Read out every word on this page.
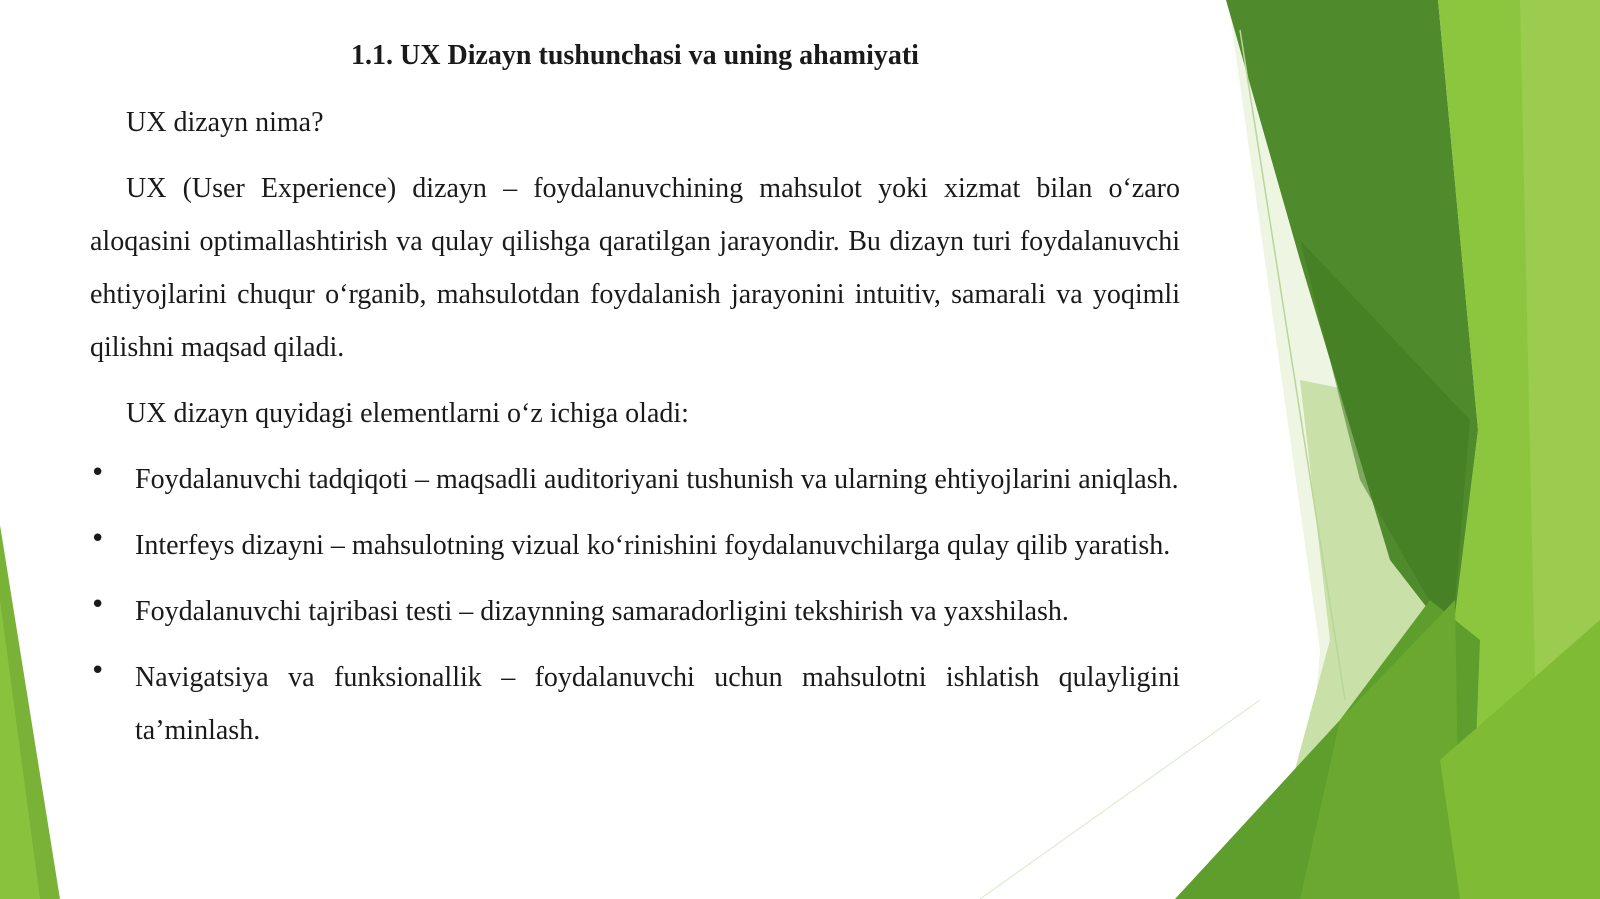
1.1. UX Dizayn tushunchasi va uning ahamiyati

UX dizayn nima?

UX (User Experience) dizayn – foydalanuvchining mahsulot yoki xizmat bilan o‘zaro aloqasini optimallashtirish va qulay qilishga qaratilgan jarayondir. Bu dizayn turi foydalanuvchi ehtiyojlarini chuqur o‘rganib, mahsulotdan foydalanish jarayonini intuitiv, samarali va yoqimli qilishni maqsad qiladi.

UX dizayn quyidagi elementlarni o‘z ichiga oladi:

• Foydalanuvchi tadqiqoti – maqsadli auditoriyani tushunish va ularning ehtiyojlarini aniqlash.
• Interfeys dizayni – mahsulotning vizual ko‘rinishini foydalanuvchilarga qulay qilib yaratish.
• Foydalanuvchi tajribasi testi – dizaynning samaradorligini tekshirish va yaxshilash.
• Navigatsiya va funksionallik – foydalanuvchi uchun mahsulotni ishlatish qulayligini ta’minlash.
